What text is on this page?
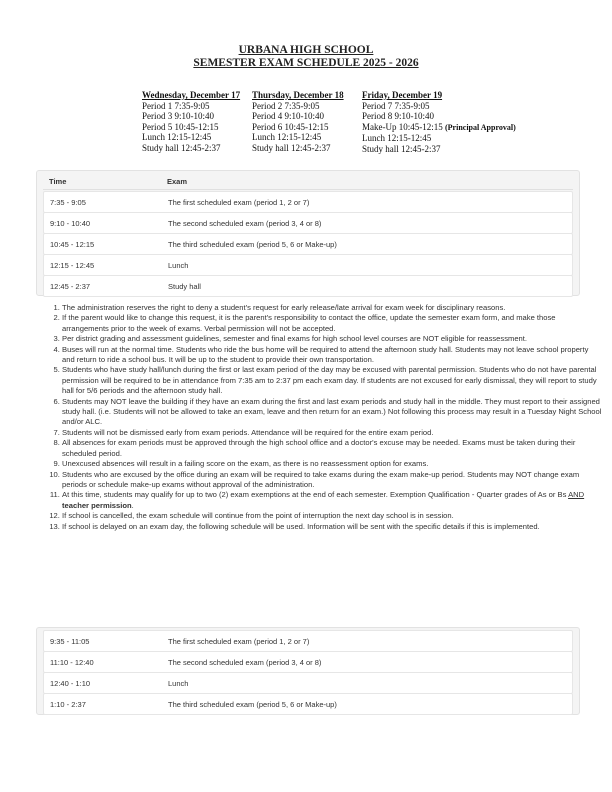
URBANA HIGH SCHOOL
SEMESTER EXAM SCHEDULE 2025 - 2026
Wednesday, December 17
Period 1 7:35-9:05
Period 3 9:10-10:40
Period 5 10:45-12:15
Lunch 12:15-12:45
Study hall 12:45-2:37
Thursday, December 18
Period 2 7:35-9:05
Period 4 9:10-10:40
Period 6 10:45-12:15
Lunch 12:15-12:45
Study hall 12:45-2:37
Friday, December 19
Period 7 7:35-9:05
Period 8 9:10-10:40
Make-Up 10:45-12:15 (Principal Approval)
Lunch 12:15-12:45
Study hall 12:45-2:37
Time	Exam
7:35 - 9:05	The first scheduled exam (period 1, 2 or 7)
9:10 - 10:40	The second scheduled exam (period 3, 4 or 8)
10:45 - 12:15	The third scheduled exam (period 5, 6 or Make-up)
12:15 - 12:45	Lunch
12:45 - 2:37	Study hall
1. The administration reserves the right to deny a student's request for early release/late arrival for exam week for disciplinary reasons.
2. If the parent would like to change this request, it is the parent's responsibility to contact the office, update the semester exam form, and make those arrangements prior to the week of exams. Verbal permission will not be accepted.
3. Per district grading and assessment guidelines, semester and final exams for high school level courses are NOT eligible for reassessment.
4. Buses will run at the normal time. Students who ride the bus home will be required to attend the afternoon study hall. Students may not leave school property and return to ride a school bus. It will be up to the student to provide their own transportation.
5. Students who have study hall/lunch during the first or last exam period of the day may be excused with parental permission. Students who do not have parental permission will be required to be in attendance from 7:35 am to 2:37 pm each exam day. If students are not excused for early dismissal, they will report to study hall for 5/6 periods and the afternoon study hall.
6. Students may NOT leave the building if they have an exam during the first and last exam periods and study hall in the middle. They must report to their assigned study hall. (i.e. Students will not be allowed to take an exam, leave and then return for an exam.) Not following this process may result in a Tuesday Night School and/or ALC.
7. Students will not be dismissed early from exam periods. Attendance will be required for the entire exam period.
8. All absences for exam periods must be approved through the high school office and a doctor's excuse may be needed. Exams must be taken during their scheduled period.
9. Unexcused absences will result in a failing score on the exam, as there is no reassessment option for exams.
10. Students who are excused by the office during an exam will be required to take exams during the exam make-up period. Students may NOT change exam periods or schedule make-up exams without approval of the administration.
11. At this time, students may qualify for up to two (2) exam exemptions at the end of each semester. Exemption Qualification - Quarter grades of As or Bs AND teacher permission.
12. If school is cancelled, the exam schedule will continue from the point of interruption the next day school is in session.
13. If school is delayed on an exam day, the following schedule will be used. Information will be sent with the specific details if this is implemented.
9:35 - 11:05	The first scheduled exam (period 1, 2 or 7)
11:10 - 12:40	The second scheduled exam (period 3, 4 or 8)
12:40 - 1:10	Lunch
1:10 - 2:37	The third scheduled exam (period 5, 6 or Make-up)
